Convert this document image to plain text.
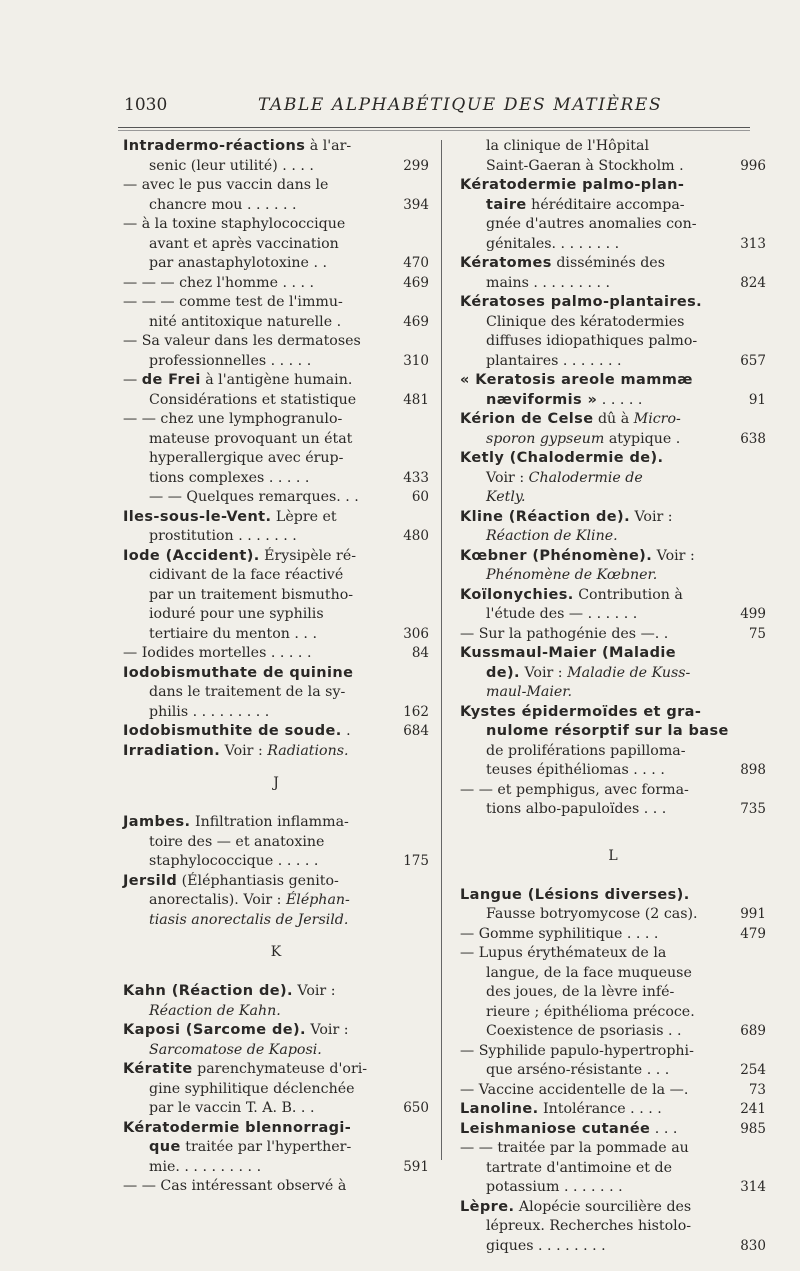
1030	TABLE ALPHABÉTIQUE DES MATIÈRES
Intradermo-réactions à l'ar-
senic (leur utilité) . . . .	299
— avec le pus vaccin dans le
chancre mou . . . . . .	394
— à la toxine staphylococcique
avant et après vaccination
par anastaphylotoxine . .	470
— — — chez l'homme . . . .	469
— — — comme test de l'immu-
nité antitoxique naturelle .	469
— Sa valeur dans les dermatoses
professionnelles . . . . .	310
— de Frei à l'antigène humain.
Considérations et statistique	481
— — chez une lymphogranulo-
mateuse provoquant un état
hyperallergique avec érup-
tions complexes . . . . .	433
— — Quelques remarques. . .	60
Iles-sous-le-Vent. Lèpre et
prostitution . . . . . . .	480
Iode (Accident). Érysipèle ré-
cidivant de la face réactivé
par un traitement bismutho-
ioduré pour une syphilis
tertiaire du menton . . .	306
— Iodides mortelles . . . . .	84
Iodobismuthate de quinine
dans le traitement de la sy-
philis . . . . . . . . .	162
Iodobismuthite de soude. .	684
Irradiation. Voir : Radiations.
J
Jambes. Infiltration inflamma-
toire des — et anatoxine
staphylococcique . . . . .	175
Jersild (Éléphantiasis genito-
anorectalis). Voir : Éléphan-
tiasis anorectalis de Jersild.
K
Kahn (Réaction de). Voir :
Réaction de Kahn.
Kaposi (Sarcome de). Voir :
Sarcomatose de Kaposi.
Kératite parenchymateuse d'ori-
gine syphilitique déclenchée
par le vaccin T. A. B. . .	650
Kératodermie blennorragi-
que traitée par l'hyperther-
mie. . . . . . . . . .	591
— — Cas intéressant observé à
la clinique de l'Hôpital
Saint-Gaeran à Stockholm .	996
Kératodermie palmo-plan-
taire héréditaire accompa-
gnée d'autres anomalies con-
génitales. . . . . . . .	313
Kératomes disséminés des
mains . . . . . . . . .	824
Kératoses palmo-plantaires.
Clinique des kératodermies
diffuses idiopathiques palmo-
plantaires . . . . . . .	657
« Keratosis areole mammæ
næviformis » . . . . .	91
Kérion de Celse dû à Micro-
sporon gypseum atypique .	638
Ketly (Chalodermie de).
Voir : Chalodermie de
Ketly.
Kline (Réaction de). Voir :
Réaction de Kline.
Kœbner (Phénomène). Voir :
Phénomène de Kœbner.
Koïlonychies. Contribution à
l'étude des — . . . . . .	499
— Sur la pathogénie des —. .	75
Kussmaul-Maier (Maladie
de). Voir : Maladie de Kuss-
maul-Maier.
Kystes épidermoïdes et gra-
nulome résorptif sur la base
de proliférations papilloma-
teuses épithéliomas . . . .	898
— — et pemphigus, avec forma-
tions albo-papuloïdes . . .	735
L
Langue (Lésions diverses).
Fausse botryomycose (2 cas).	991
— Gomme syphilitique . . . .	479
— Lupus érythémateux de la
langue, de la face muqueuse
des joues, de la lèvre infé-
rieure ; épithélioma précoce.
Coexistence de psoriasis . .	689
— Syphilide papulo-hypertrophi-
que arséno-résistante . . .	254
— Vaccine accidentelle de la —.	73
Lanoline. Intolérance . . . .	241
Leishmaniose cutanée . . .	985
— — traitée par la pommade au
tartrate d'antimoine et de
potassium . . . . . . .	314
Lèpre. Alopécie sourcilière des
lépreux. Recherches histolo-
giques . . . . . . . .	830
